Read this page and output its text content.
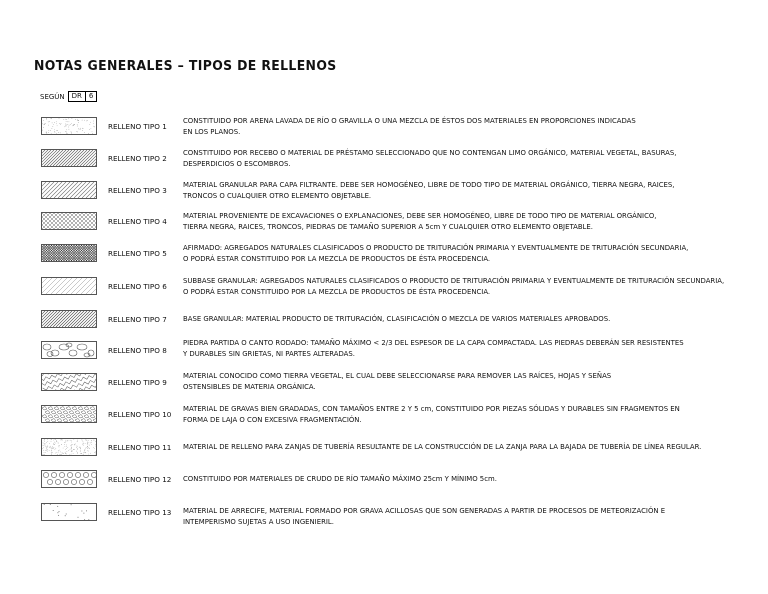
NOTAS GENERALES – TIPOS DE RELLENOS
SEGÚN	DR	6
RELLENO TIPO 1
CONSTITUIDO POR ARENA LAVADA DE RÍO O GRAVILLA O UNA MEZCLA DE ÉSTOS DOS MATERIALES EN PROPORCIONES INDICADAS
EN LOS PLANOS.
RELLENO TIPO 2
CONSTITUIDO POR RECEBO O MATERIAL DE PRÉSTAMO SELECCIONADO QUE NO CONTENGAN LIMO ORGÁNICO, MATERIAL VEGETAL, BASURAS,
DESPERDICIOS O ESCOMBROS.
RELLENO TIPO 3
MATERIAL GRANULAR PARA CAPA FILTRANTE. DEBE SER HOMOGÉNEO, LIBRE DE TODO TIPO DE MATERIAL ORGÁNICO, TIERRA NEGRA, RAICES,
TRONCOS O CUALQUIER OTRO ELEMENTO OBJETABLE.
RELLENO TIPO 4
MATERIAL PROVENIENTE DE EXCAVACIONES O EXPLANACIONES, DEBE SER HOMOGÉNEO, LIBRE DE TODO TIPO DE MATERIAL ORGÁNICO,
TIERRA NEGRA, RAICES, TRONCOS, PIEDRAS DE TAMAÑO SUPERIOR A 5cm Y CUALQUIER OTRO ELEMENTO OBJETABLE.
RELLENO TIPO 5
AFIRMADO: AGREGADOS NATURALES CLASIFICADOS O PRODUCTO DE TRITURACIÓN PRIMARIA Y EVENTUALMENTE DE TRITURACIÓN SECUNDARIA,
O PODRÁ ESTAR CONSTITUIDO POR LA MEZCLA DE PRODUCTOS DE ÉSTA PROCEDENCIA.
RELLENO TIPO 6
SUBBASE GRANULAR: AGREGADOS NATURALES CLASIFICADOS O PRODUCTO DE TRITURACIÓN PRIMARIA Y EVENTUALMENTE DE TRITURACIÓN SECUNDARIA,
O PODRÁ ESTAR CONSTITUIDO POR LA MEZCLA DE PRODUCTOS DE ÉSTA PROCEDENCIA.
RELLENO TIPO 7 BASE GRANULAR: MATERIAL PRODUCTO DE TRITURACIÓN, CLASIFICACIÓN O MEZCLA DE VARIOS MATERIALES APROBADOS.
RELLENO TIPO 8
PIEDRA PARTIDA O CANTO RODADO: TAMAÑO MÁXIMO < 2/3 DEL ESPESOR DE LA CAPA COMPACTADA. LAS PIEDRAS DEBERÁN SER RESISTENTES
Y DURABLES SIN GRIETAS, NI PARTES ALTERADAS.
RELLENO TIPO 9
MATERIAL CONOCIDO COMO TIERRA VEGETAL, EL CUAL DEBE SELECCIONARSE PARA REMOVER LAS RAÍCES, HOJAS Y SEÑAS
OSTENSIBLES DE MATERIA ORGÁNICA.
RELLENO TIPO 10
MATERIAL DE GRAVAS BIEN GRADADAS, CON TAMAÑOS ENTRE 2 Y 5 cm, CONSTITUIDO POR PIEZAS SÓLIDAS Y DURABLES SIN FRAGMENTOS EN
FORMA DE LAJA O CON EXCESIVA FRAGMENTACIÓN.
RELLENO TIPO 11 MATERIAL DE RELLENO PARA ZANJAS DE TUBERÍA RESULTANTE DE LA CONSTRUCCIÓN DE LA ZANJA PARA LA BAJADA DE TUBERÍA DE LÍNEA REGULAR.
RELLENO TIPO 12 CONSTITUIDO POR MATERIALES DE CRUDO DE RÍO TAMAÑO MÁXIMO 25cm Y MÍNIMO 5cm.
RELLENO TIPO 13 MATERIAL DE ARRECIFE, MATERIAL FORMADO POR GRAVA ACILLOSAS QUE SON GENERADAS A PARTIR DE PROCESOS DE METEORIZACIÓN E
INTEMPERISMO SUJETAS A USO INGENIERIL.
